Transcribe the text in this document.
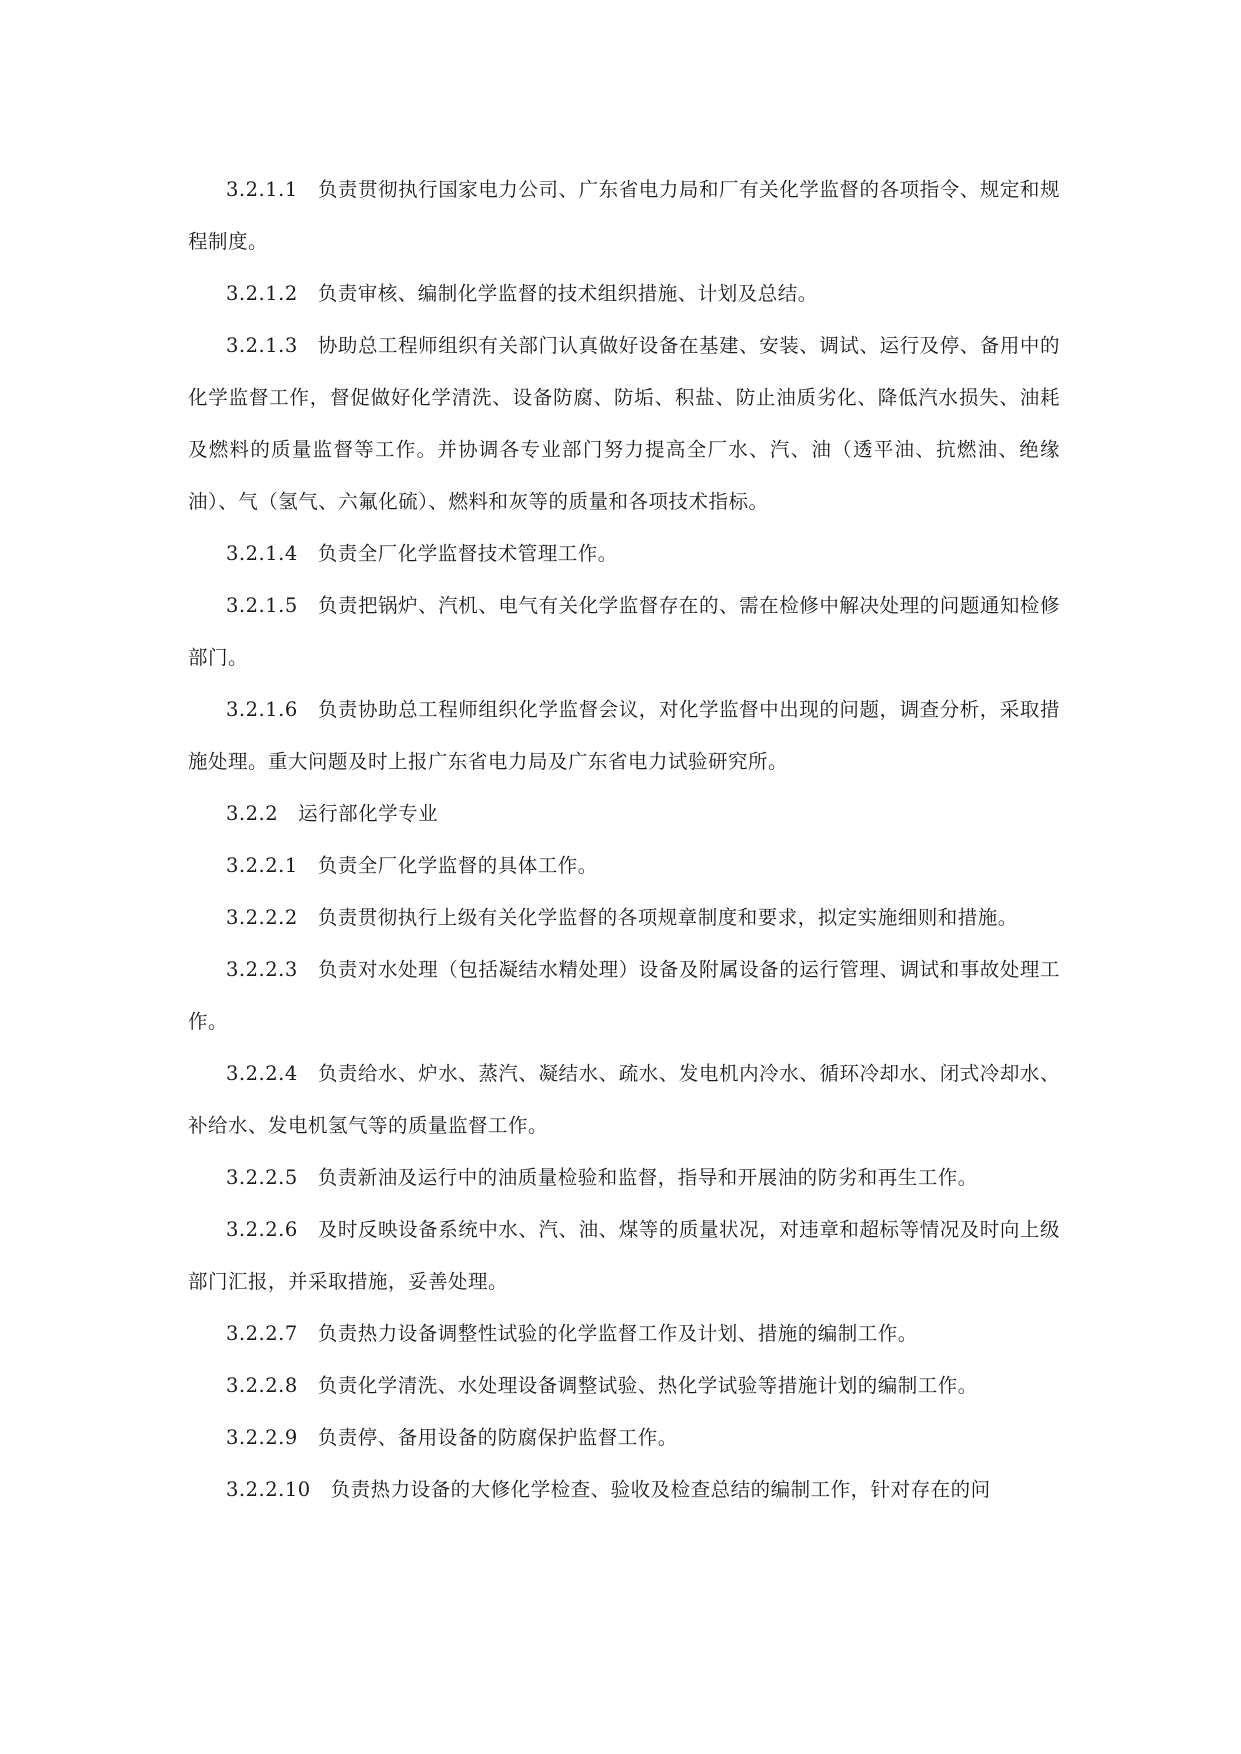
3.2.1.1　负责贯彻执行国家电力公司、广东省电力局和厂有关化学监督的各项指令、规定和规程制度。

3.2.1.2　负责审核、编制化学监督的技术组织措施、计划及总结。

3.2.1.3　协助总工程师组织有关部门认真做好设备在基建、安装、调试、运行及停、备用中的化学监督工作，督促做好化学清洗、设备防腐、防垢、积盐、防止油质劣化、降低汽水损失、油耗及燃料的质量监督等工作。并协调各专业部门努力提高全厂水、汽、油（透平油、抗燃油、绝缘油）、气（氢气、六氟化硫）、燃料和灰等的质量和各项技术指标。

3.2.1.4　负责全厂化学监督技术管理工作。

3.2.1.5　负责把锅炉、汽机、电气有关化学监督存在的、需在检修中解决处理的问题通知检修部门。

3.2.1.6　负责协助总工程师组织化学监督会议，对化学监督中出现的问题，调查分析，采取措施处理。重大问题及时上报广东省电力局及广东省电力试验研究所。

3.2.2　运行部化学专业

3.2.2.1　负责全厂化学监督的具体工作。

3.2.2.2　负责贯彻执行上级有关化学监督的各项规章制度和要求，拟定实施细则和措施。

3.2.2.3　负责对水处理（包括凝结水精处理）设备及附属设备的运行管理、调试和事故处理工作。

3.2.2.4　负责给水、炉水、蒸汽、凝结水、疏水、发电机内冷水、循环冷却水、闭式冷却水、补给水、发电机氢气等的质量监督工作。

3.2.2.5　负责新油及运行中的油质量检验和监督，指导和开展油的防劣和再生工作。

3.2.2.6　及时反映设备系统中水、汽、油、煤等的质量状况，对违章和超标等情况及时向上级部门汇报，并采取措施，妥善处理。

3.2.2.7　负责热力设备调整性试验的化学监督工作及计划、措施的编制工作。

3.2.2.8　负责化学清洗、水处理设备调整试验、热化学试验等措施计划的编制工作。

3.2.2.9　负责停、备用设备的防腐保护监督工作。

3.2.2.10　负责热力设备的大修化学检查、验收及检查总结的编制工作，针对存在的问
